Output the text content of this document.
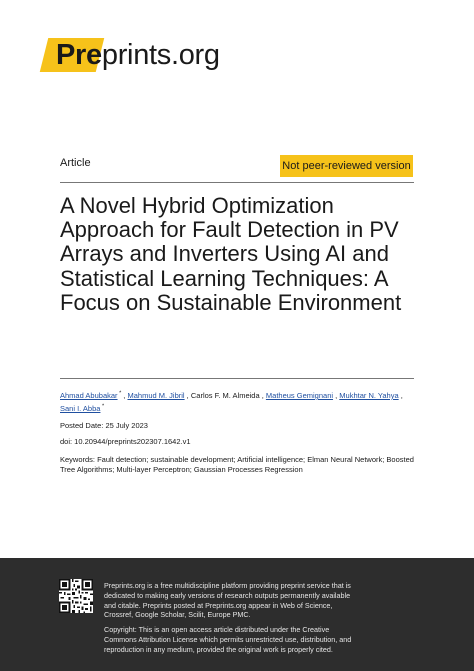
Preprints.org
Article	Not peer-reviewed version
A Novel Hybrid Optimization Approach for Fault Detection in PV Arrays and Inverters Using AI and Statistical Learning Techniques: A Focus on Sustainable Environment
Ahmad Abubakar * , Mahmud M. Jibril , Carlos F. M. Almeida , Matheus Gemignani , Mukhtar N. Yahya , Sani I. Abba *
Posted Date: 25 July 2023
doi: 10.20944/preprints202307.1642.v1
Keywords: Fault detection; sustainable development; Artificial intelligence; Elman Neural Network; Boosted Tree Algorithms; Multi-layer Perceptron; Gaussian Processes Regression
Preprints.org is a free multidiscipline platform providing preprint service that is dedicated to making early versions of research outputs permanently available and citable. Preprints posted at Preprints.org appear in Web of Science, Crossref, Google Scholar, Scilit, Europe PMC.
Copyright: This is an open access article distributed under the Creative Commons Attribution License which permits unrestricted use, distribution, and reproduction in any medium, provided the original work is properly cited.
